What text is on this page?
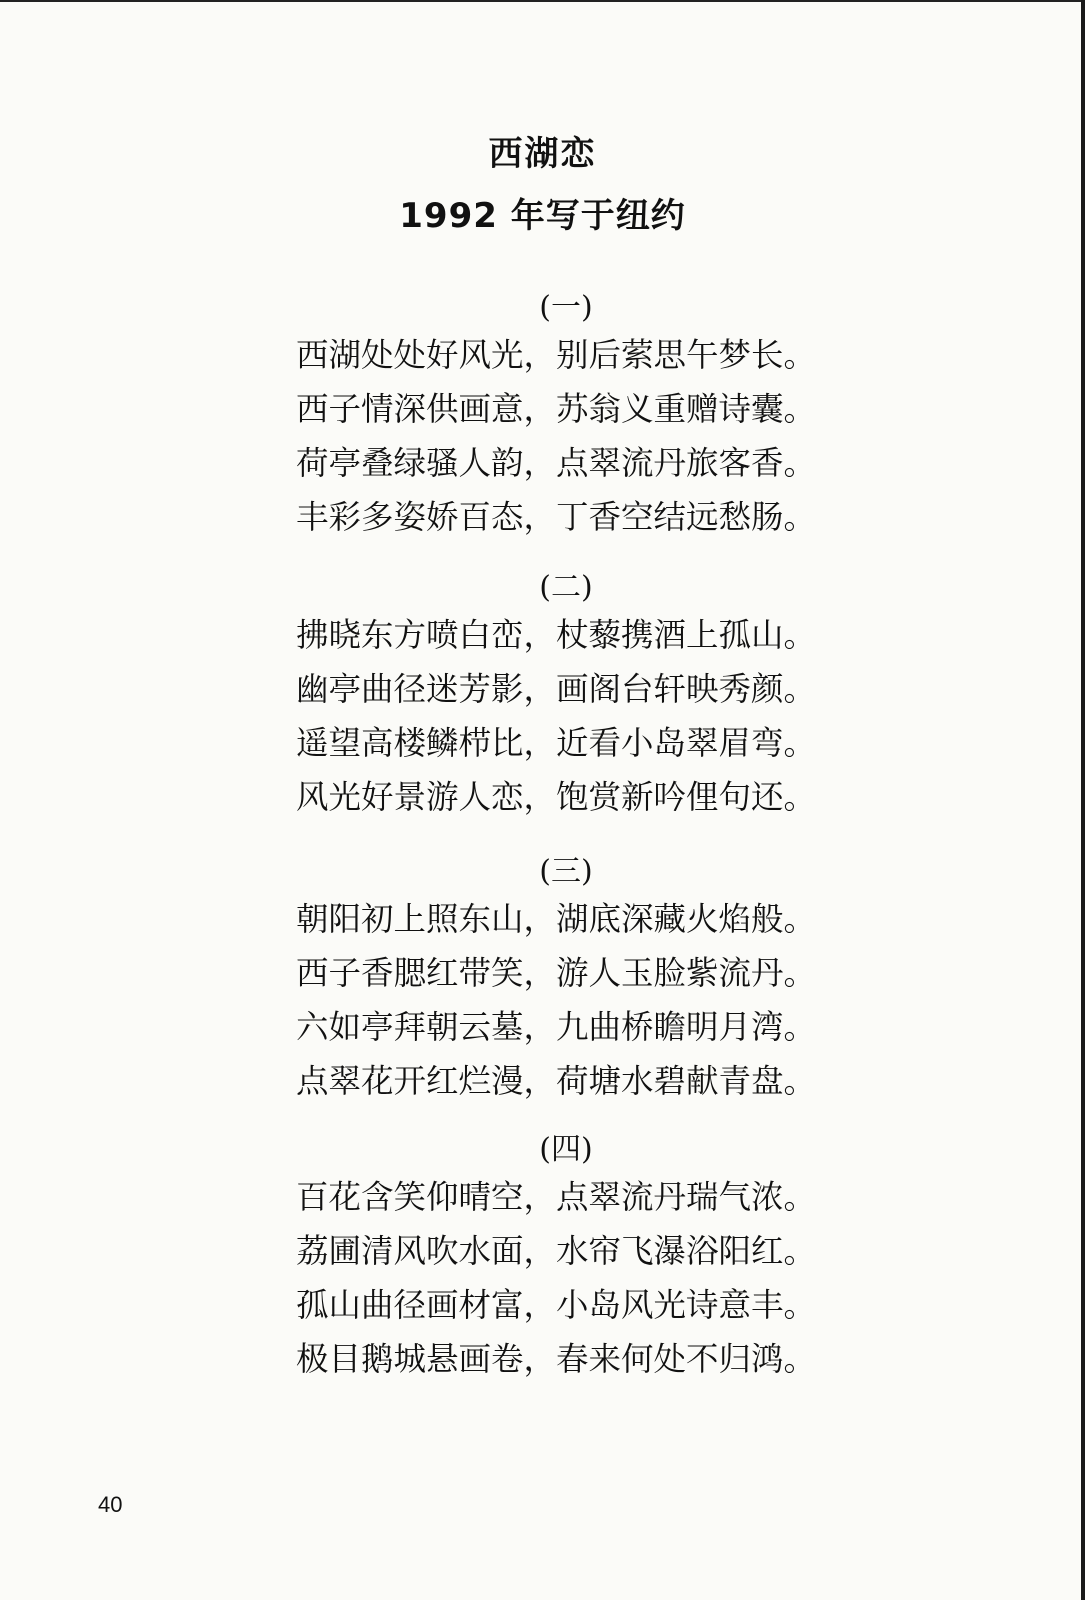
西湖恋
1992 年写于纽约
(一)
西湖处处好风光，别后萦思午梦长。
西子情深供画意，苏翁义重赠诗囊。
荷亭叠绿骚人韵，点翠流丹旅客香。
丰彩多姿娇百态，丁香空结远愁肠。
(二)
拂晓东方喷白峦，杖藜携酒上孤山。
幽亭曲径迷芳影，画阁台轩映秀颜。
遥望高楼鳞栉比，近看小岛翠眉弯。
风光好景游人恋，饱赏新吟俚句还。
(三)
朝阳初上照东山，湖底深藏火焰般。
西子香腮红带笑，游人玉脸紫流丹。
六如亭拜朝云墓，九曲桥瞻明月湾。
点翠花开红烂漫，荷塘水碧献青盘。
(四)
百花含笑仰晴空，点翠流丹瑞气浓。
荔圃清风吹水面，水帘飞瀑浴阳红。
孤山曲径画材富，小岛风光诗意丰。
极目鹅城悬画卷，春来何处不归鸿。
40
